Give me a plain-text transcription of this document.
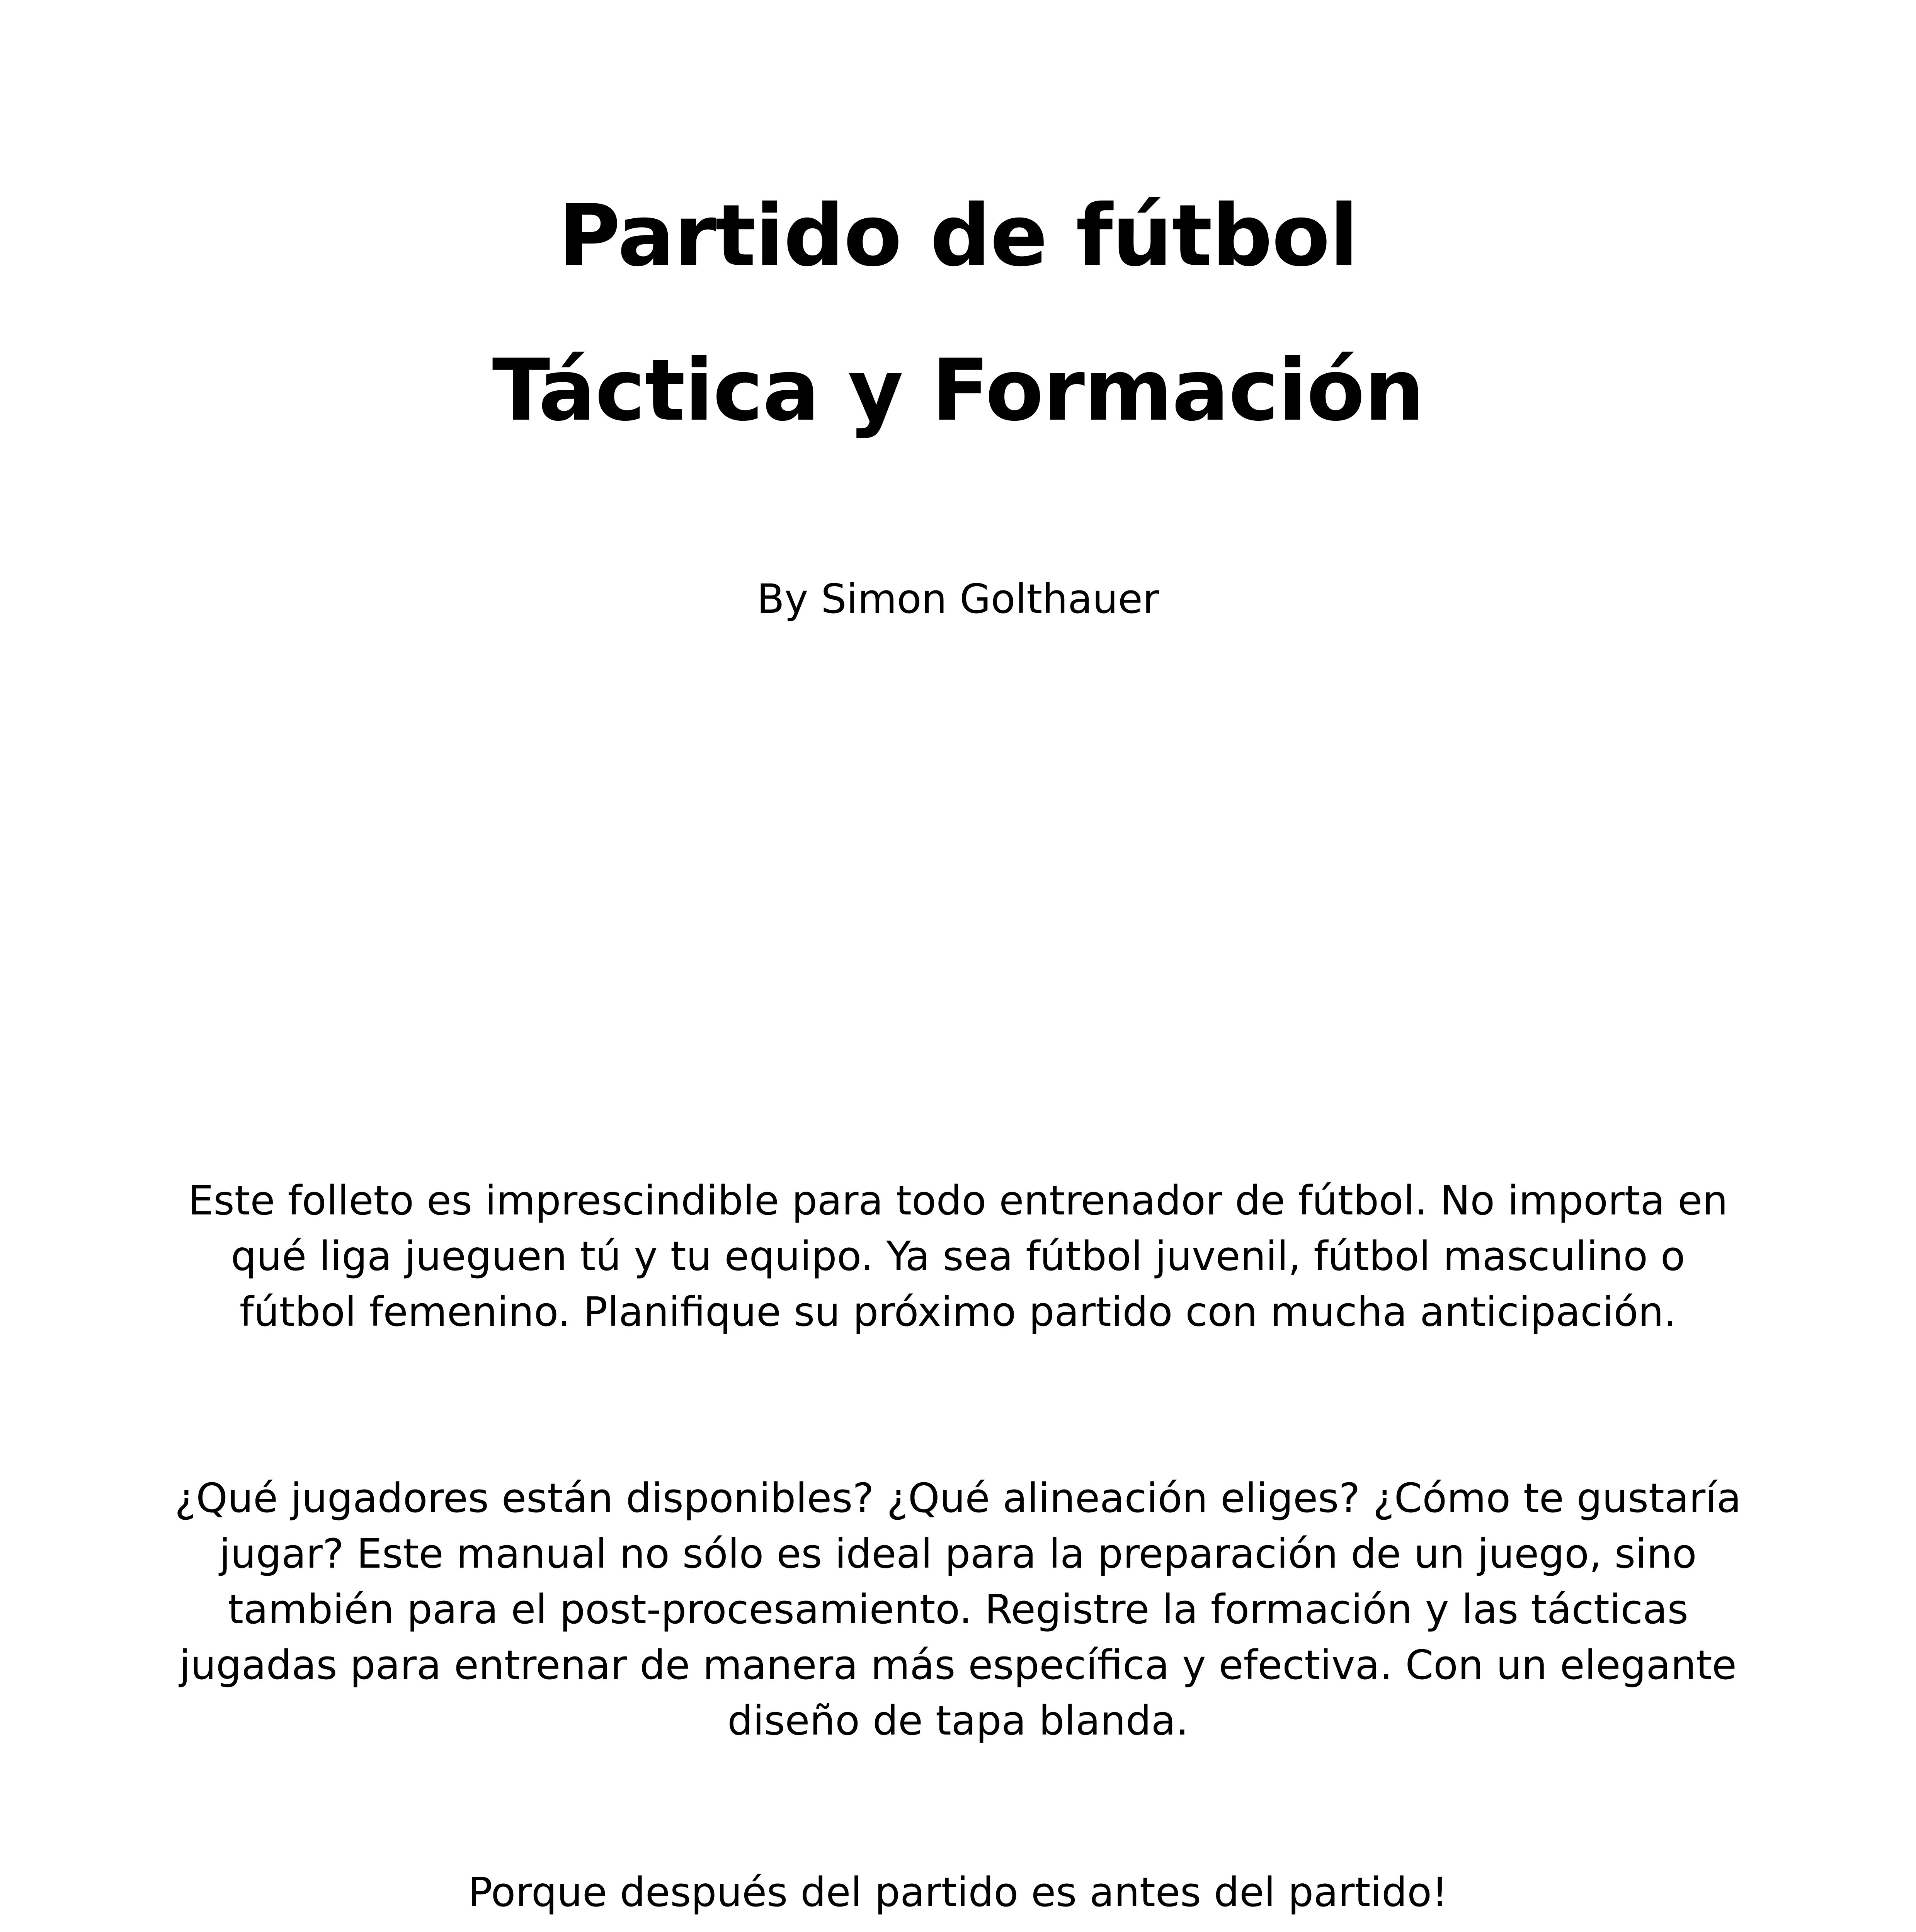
Partido de fútbol
Táctica y Formación

By Simon Golthauer

Este folleto es imprescindible para todo entrenador de fútbol. No importa en qué liga jueguen tú y tu equipo. Ya sea fútbol juvenil, fútbol masculino o fútbol femenino. Planifique su próximo partido con mucha anticipación.

¿Qué jugadores están disponibles? ¿Qué alineación eliges? ¿Cómo te gustaría jugar? Este manual no sólo es ideal para la preparación de un juego, sino también para el post-procesamiento. Registre la formación y las tácticas jugadas para entrenar de manera más específica y efectiva. Con un elegante diseño de tapa blanda.

Porque después del partido es antes del partido!
